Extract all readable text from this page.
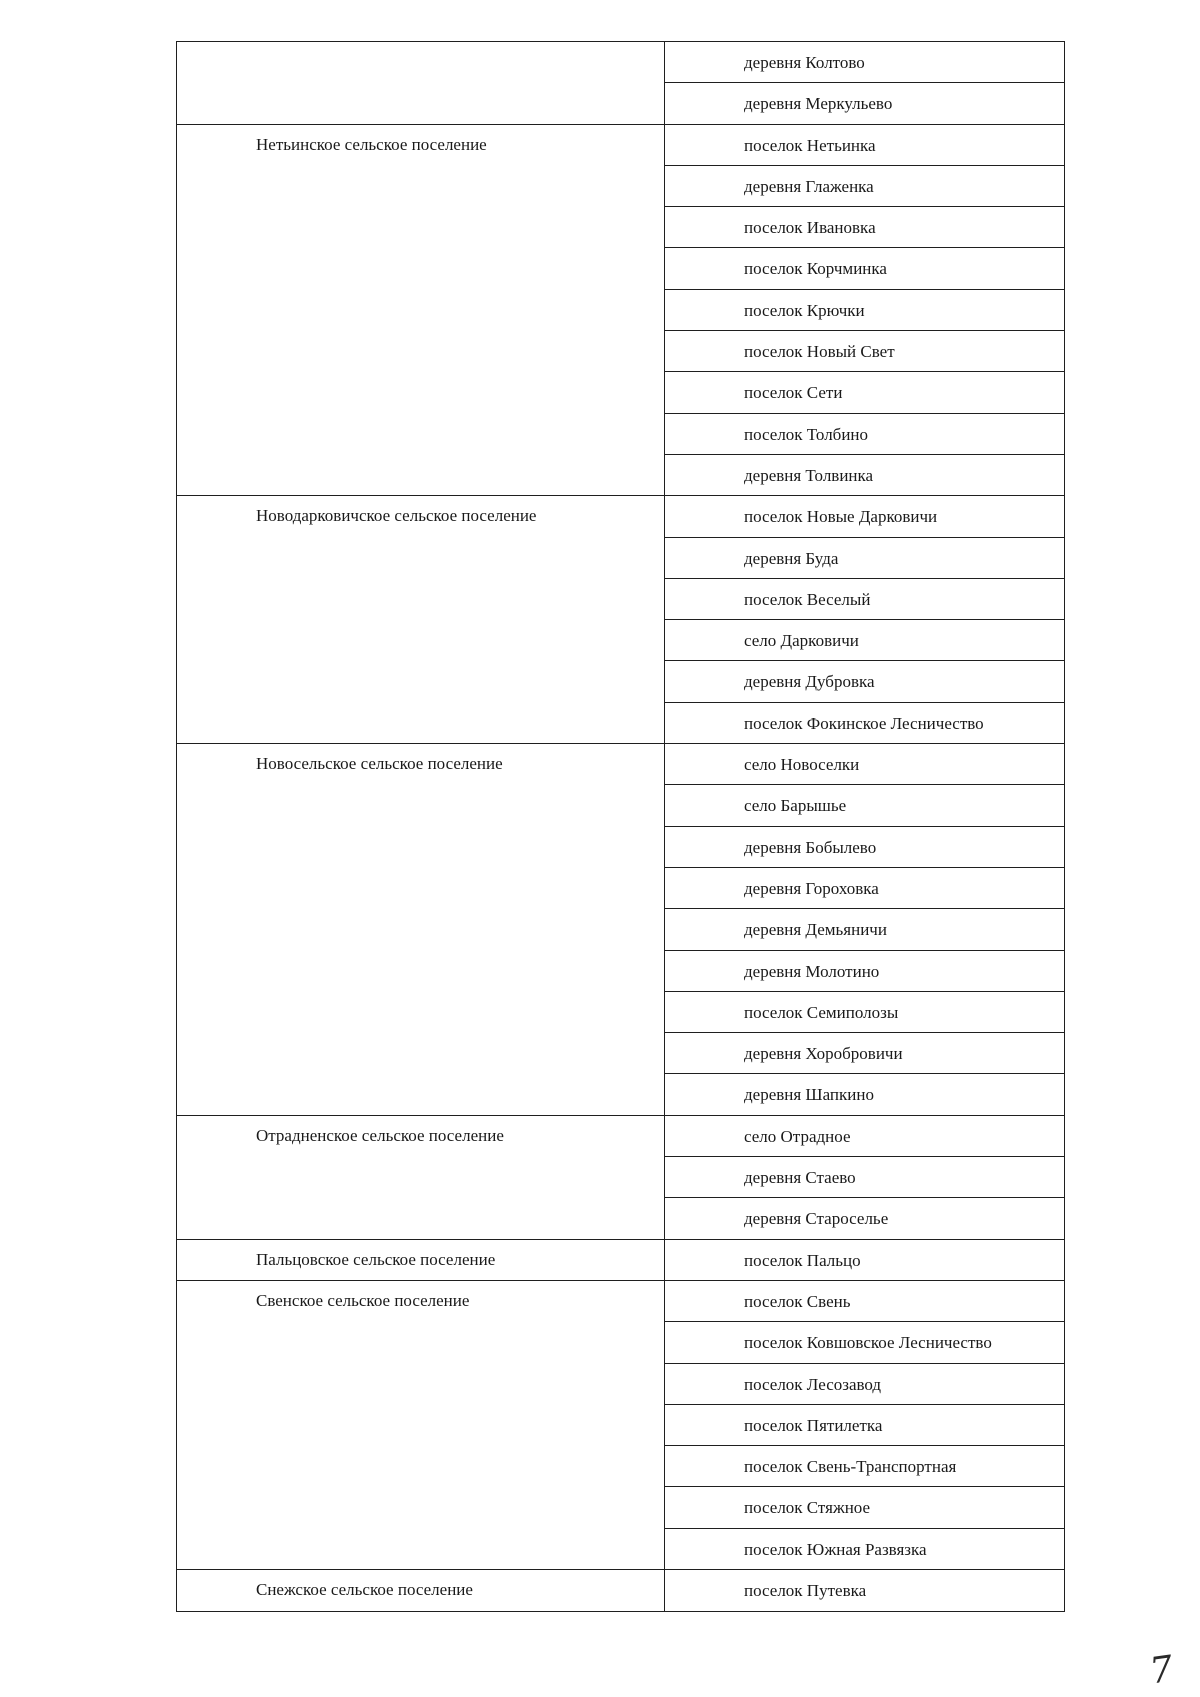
	деревня Колтово
	деревня Меркульево
Нетьинское сельское поселение	поселок Нетьинка
	деревня Глаженка
	поселок Ивановка
	поселок Корчминка
	поселок Крючки
	поселок Новый Свет
	поселок Сети
	поселок Толбино
	деревня Толвинка
Новодарковичское сельское поселение	поселок Новые Дарковичи
	деревня Буда
	поселок Веселый
	село Дарковичи
	деревня Дубровка
	поселок Фокинское Лесничество
Новосельское сельское поселение	село Новоселки
	село Барышье
	деревня Бобылево
	деревня Гороховка
	деревня Демьяничи
	деревня Молотино
	поселок Семиполозы
	деревня Хоробровичи
	деревня Шапкино
Отрадненское сельское поселение	село Отрадное
	деревня Стаево
	деревня Староселье
Пальцовское сельское поселение	поселок Пальцо
Свенское сельское поселение	поселок Свень
	поселок Ковшовское Лесничество
	поселок Лесозавод
	поселок Пятилетка
	поселок Свень-Транспортная
	поселок Стяжное
	поселок Южная Развязка
Снежское сельское поселение	поселок Путевка
7
